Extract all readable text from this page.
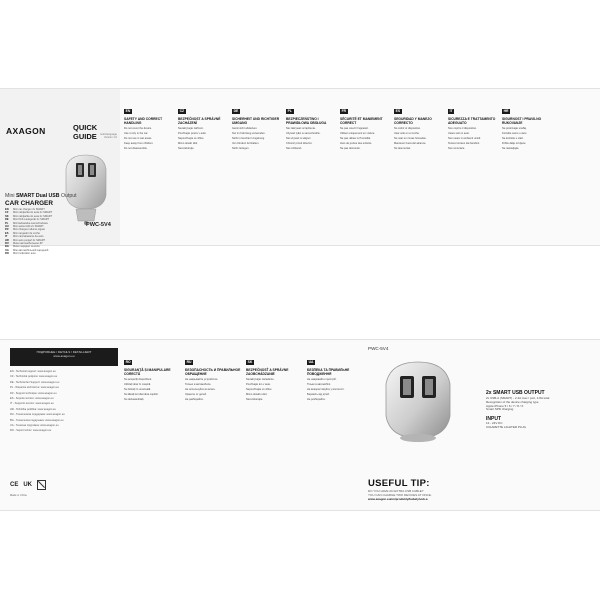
AXAGON	QUICK GUIDE	multi-language
Version 1.0
Mini SMART Dual USB Output
CAR CHARGER
EN	Mini car charger 2x SMART
CZ	Mini nabíječka do auta 2x SMART
SK	Mini nabíjačka do auta 2x SMART
DE	Mini KFZ-Ladegerät 2x SMART
PL	Mini ładowarka samochodowa
HU	Mini autós töltő 2x SMART
FR	Mini chargeur allume-cigare
ES	Mini cargador de coche
IT	Mini caricabatterie da auto
HR	Mini auto punjač 2x SMART
RU	Мини автомобильное ЗУ
BG	Мини зарядно за кола
UA	Міні автомобільний зарядний
RO	Mini încărcător auto
PWC-5V4
EN
SAFETY AND CORRECT HANDLING

Do not cover the device.

Use it only in the car.

Do not use in wet areas.

Keep away from children.

Do not disassemble.

CZ
BEZPEČNOST A SPRÁVNÉ ZACHÁZENÍ

Nezakrývejte zařízení.

Používejte pouze v autě.

Nepoužívejte ve vlhku.

Mimo dosah dětí.

Nerozebírejte.

DE
SICHERHEIT UND RICHTIGER UMGANG

Gerät nicht abdecken.

Nur im Fahrzeug verwenden.

Nicht in feuchter Umgebung.

Von Kindern fernhalten.

Nicht zerlegen.

PL
BEZPIECZEŃSTWO I PRAWIDŁOWA OBSŁUGA

Nie zakrywać urządzenia.

Używać tylko w samochodzie.

Nie używać w wilgoci.

Chronić przed dziećmi.

Nie rozbierać.

FR
SÉCURITÉ ET MANIEMENT CORRECT

Ne pas couvrir l'appareil.

Utiliser uniquement en voiture.

Ne pas utiliser à l'humidité.

Hors de portée des enfants.

Ne pas démonter.

ES
SEGURIDAD Y MANEJO CORRECTO

No cubrir el dispositivo.

Usar solo en el coche.

No usar en zonas húmedas.

Mantener fuera del alcance.

No desmontar.

IT
SICUREZZA E TRATTAMENTO ADEGUATO

Non coprire il dispositivo.

Usare solo in auto.

Non usare in ambienti umidi.

Tenere lontano dai bambini.

Non smontare.

HR
SIGURNOST I PRAVILNO RUKOVANJE

Ne prekrivajte uređaj.

Koristite samo u autu.

Ne koristite u vlazi.

Držite dalje od djece.

Ne rastavljajte.

ПОДРОБНЕЕ / DETAILS / DETAILLIERT
www.axagon.eu

EN - Technical support: www.axagon.eu

CZ - Technická podpora: www.axagon.eu

DE - Technischer Support: www.axagon.eu

PL - Wsparcie techniczne: www.axagon.eu

FR - Support technique: www.axagon.eu

ES - Soporte técnico: www.axagon.eu

IT - Supporto tecnico: www.axagon.eu

HR - Tehnička podrška: www.axagon.eu

RU - Техническая поддержка: www.axagon.eu

BG - Техническа поддръжка: www.axagon.eu

UA - Технічна підтримка: www.axagon.eu

RO - Suport tehnic: www.axagon.eu

CE UK
Made in China
RO
SIGURANȚĂ ȘI MANIPULARE CORECTĂ

Nu acoperiți dispozitivul.

Utilizați doar în mașină.

Nu folosiți în umezeală.

Nu lăsați la îndemâna copiilor.

Nu dezasamblați.

RU
БЕЗОПАСНОСТЬ И ПРАВИЛЬНОЕ ОБРАЩЕНИЕ

Не накрывайте устройство.

Только в автомобиле.

Не используйте во влаге.

Храните от детей.

Не разбирайте.

SK
BEZPEČNOSŤ A SPRÁVNE ZAOBCHÁDZANIE

Nezakrývajte zariadenie.

Používajte len v aute.

Nepoužívajte vo vlhku.

Mimo dosahu detí.

Nerozoberajte.

UA
БЕЗПЕКА ТА ПРАВИЛЬНЕ ПОВОДЖЕННЯ

Не накривайте пристрій.

Тільки в автомобілі.

Не використовуйте у вологості.

Бережіть від дітей.

Не розбирайте.

PWC-5V4
2x SMART USB OUTPUT
2x USB-A (SMART) - 2.4A max / port, 4.8A total
Recognition of the device charging type
Apple iPhone 5 / 6 / 7 / 8 / X
Smart SPD charging
INPUT
12 - 24V DC
CIGARETTE LIGHTER PLUG
USEFUL TIP:
DO YOU HAVE AN EXTRA USB CABLE?
YOU CAN CHARGE TWO DEVICES AT ONCE.
www.axagon.eu/en/produkty/kabely/usb-a
